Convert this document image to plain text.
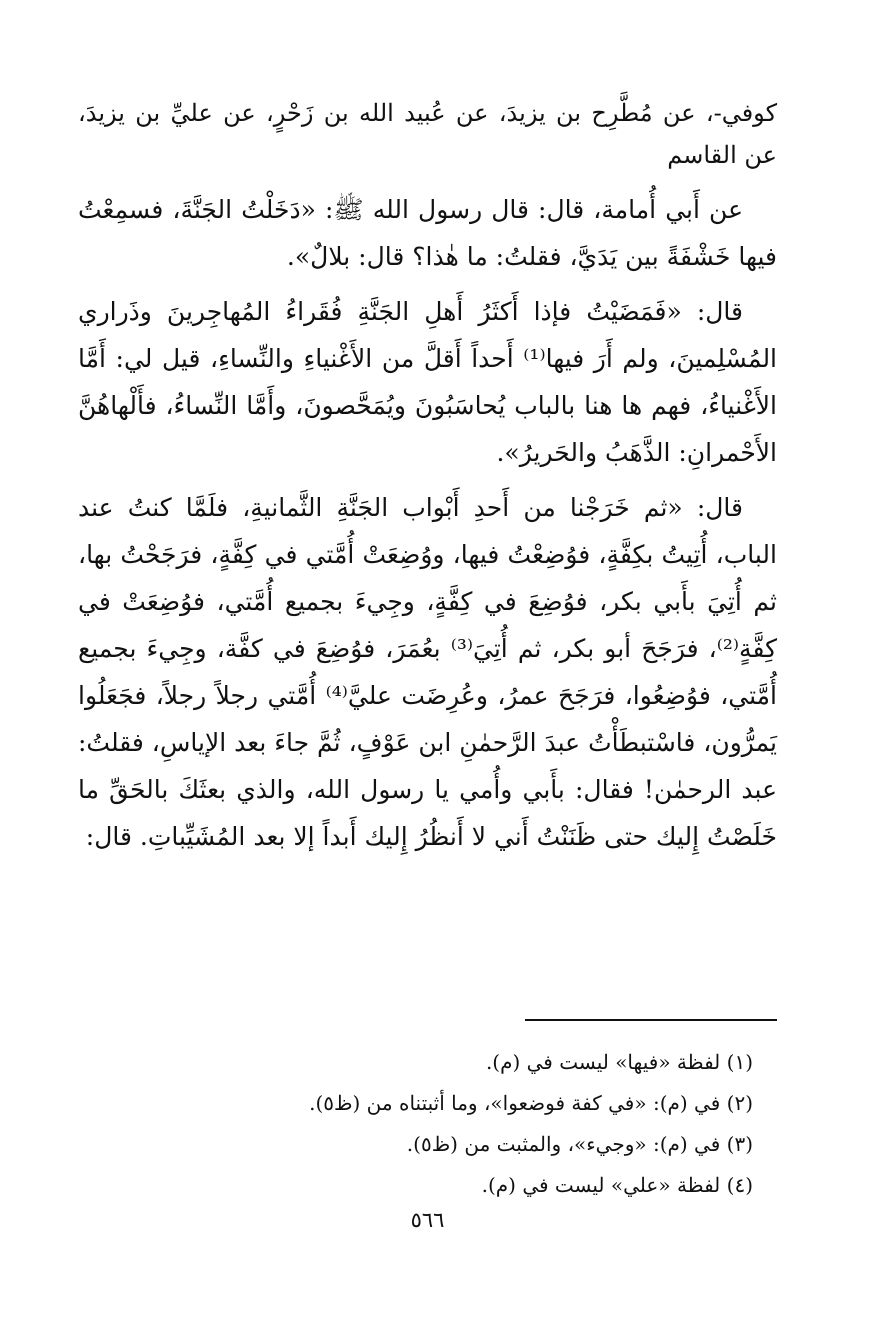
كوفي-، عن مُطَّرِح بن يزيدَ، عن عُبيد الله بن زَحْرٍ، عن عليِّ بن يزيدَ، عن القاسم

عن أَبي أُمامة، قال: قال رسول الله ﷺ: «دَخَلْتُ الجَنَّةَ، فسمِعْتُ فيها خَشْفَةً بين يَدَيَّ، فقلتُ: ما هٰذا؟ قال: بلالٌ».

قال: «فَمَضَيْتُ فإذا أَكثَرُ أَهلِ الجَنَّةِ فُقَراءُ المُهاجِرينَ وذَراري المُسْلِمينَ، ولم أَرَ فيها⁽¹⁾ أَحداً أَقلَّ من الأَغْنياءِ والنِّساءِ، قيل لي: أَمَّا الأَغْنياءُ، فهم ها هنا بالباب يُحاسَبُونَ ويُمَحَّصونَ، وأَمَّا النِّساءُ، فأَلْهاهُنَّ الأَحْمرانِ: الذَّهَبُ والحَريرُ».

قال: «ثم خَرَجْنا من أَحدِ أَبْواب الجَنَّةِ الثَّمانيةِ، فلَمَّا كنتُ عند الباب، أُتِيتُ بكِفَّةٍ، فوُضِعْتُ فيها، ووُضِعَتْ أُمَّتي في كِفَّةٍ، فرَجَحْتُ بها، ثم أُتِيَ بأَبي بكر، فوُضِعَ في كِفَّةٍ، وجِيءَ بجميع أُمَّتي، فوُضِعَتْ في كِفَّةٍ⁽²⁾، فرَجَحَ أبو بكر، ثم أُتِيَ⁽³⁾ بعُمَرَ، فوُضِعَ في كفَّة، وجِيءَ بجميع أُمَّتي، فوُضِعُوا، فرَجَحَ عمرُ، وعُرِضَت عليَّ⁽⁴⁾ أُمَّتي رجلاً رجلاً، فجَعَلُوا يَمرُّون، فاسْتبطَأْتُ عبدَ الرَّحمٰنِ ابن عَوْفٍ، ثُمَّ جاءَ بعد الإياسِ، فقلتُ: عبد الرحمٰن! فقال: بأَبي وأُمي يا رسول الله، والذي بعثَكَ بالحَقِّ ما خَلَصْتُ إِليك حتى ظَنَنْتُ أَني لا أَنظُرُ إِليك أَبداً إلا بعد المُشَيِّباتِ. قال:

(١) لفظة «فيها» ليست في (م).

(٢) في (م): «في كفة فوضعوا»، وما أثبتناه من (ظ٥).

(٣) في (م): «وجيء»، والمثبت من (ظ٥).

(٤) لفظة «علي» ليست في (م).

٥٦٦
